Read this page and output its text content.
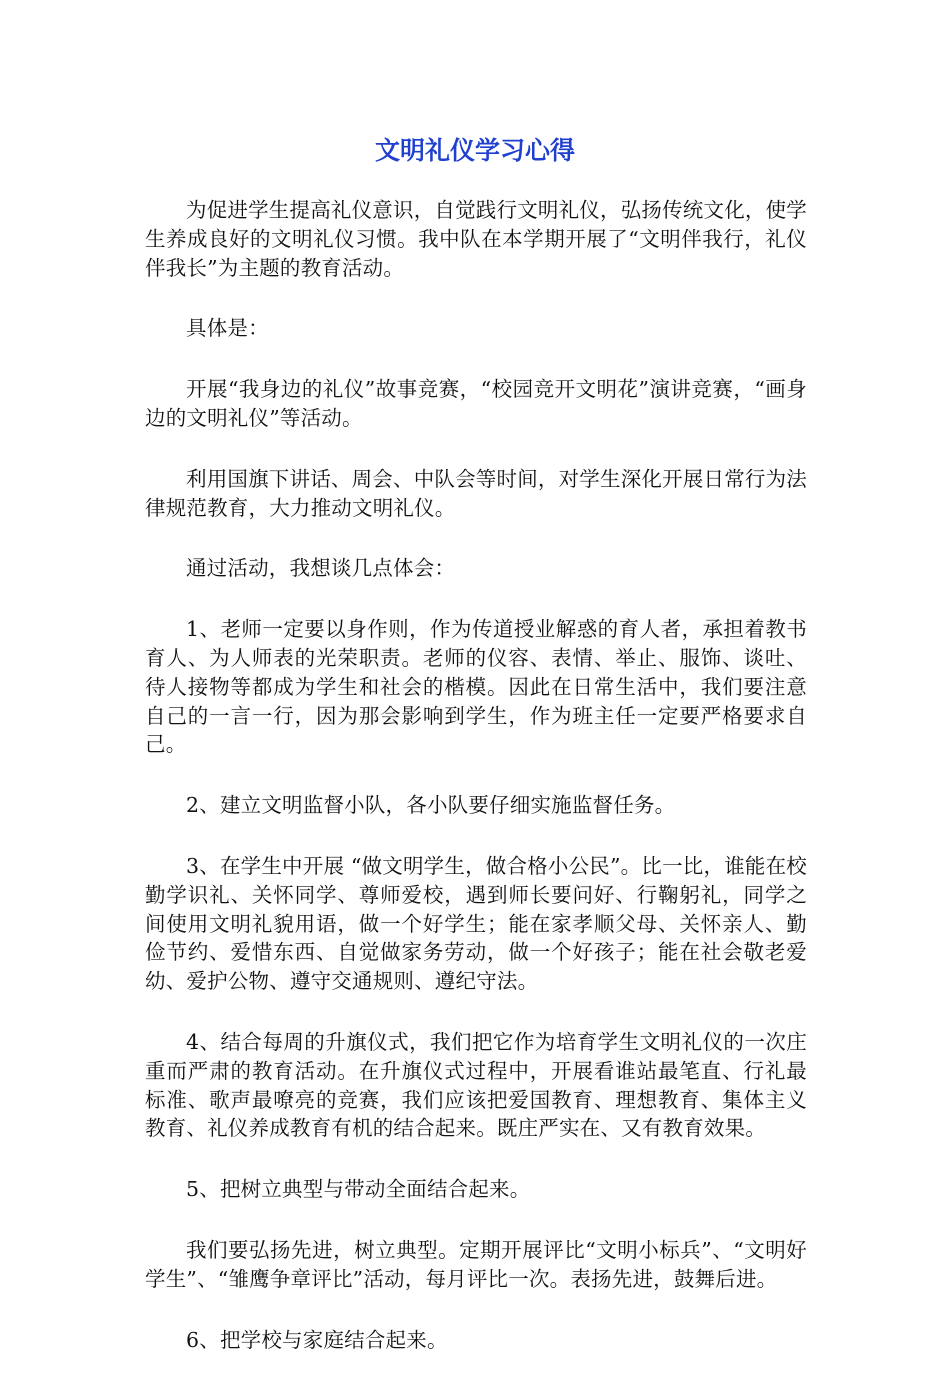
文明礼仪学习心得

为促进学生提高礼仪意识，自觉践行文明礼仪，弘扬传统文化，使学生养成良好的文明礼仪习惯。我中队在本学期开展了“文明伴我行，礼仪伴我长”为主题的教育活动。

具体是：

开展“我身边的礼仪”故事竞赛，“校园竞开文明花”演讲竞赛，“画身边的文明礼仪”等活动。

利用国旗下讲话、周会、中队会等时间，对学生深化开展日常行为法律规范教育，大力推动文明礼仪。

通过活动，我想谈几点体会：

1、老师一定要以身作则，作为传道授业解惑的育人者，承担着教书育人、为人师表的光荣职责。老师的仪容、表情、举止、服饰、谈吐、待人接物等都成为学生和社会的楷模。因此在日常生活中，我们要注意自己的一言一行，因为那会影响到学生，作为班主任一定要严格要求自己。

2、建立文明监督小队，各小队要仔细实施监督任务。

3、在学生中开展 “做文明学生，做合格小公民”。比一比，谁能在校勤学识礼、关怀同学、尊师爱校，遇到师长要问好、行鞠躬礼，同学之间使用文明礼貌用语，做一个好学生；能在家孝顺父母、关怀亲人、勤俭节约、爱惜东西、自觉做家务劳动，做一个好孩子；能在社会敬老爱幼、爱护公物、遵守交通规则、遵纪守法。

4、结合每周的升旗仪式，我们把它作为培育学生文明礼仪的一次庄重而严肃的教育活动。在升旗仪式过程中，开展看谁站最笔直、行礼最标准、歌声最嘹亮的竞赛，我们应该把爱国教育、理想教育、集体主义教育、礼仪养成教育有机的结合起来。既庄严实在、又有教育效果。

5、把树立典型与带动全面结合起来。

我们要弘扬先进，树立典型。定期开展评比“文明小标兵”、“文明好学生”、“雏鹰争章评比”活动，每月评比一次。表扬先进，鼓舞后进。

6、把学校与家庭结合起来。
